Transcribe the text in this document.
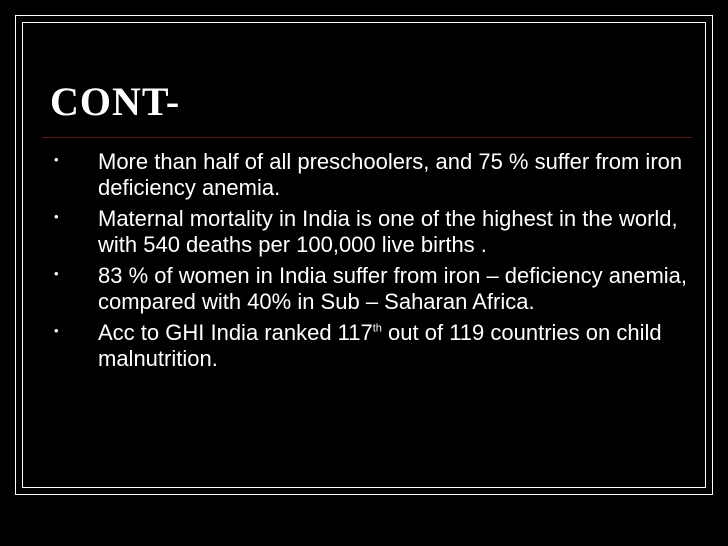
CONT-
• More than half of all preschoolers, and 75 % suffer from iron deficiency anemia.
• Maternal mortality in India is one of the highest in the world, with 540 deaths per 100,000 live births .
• 83 % of women in India suffer from iron – deficiency anemia, compared with 40% in Sub – Saharan Africa.
• Acc to GHI India ranked 117th out of 119 countries on child malnutrition.
